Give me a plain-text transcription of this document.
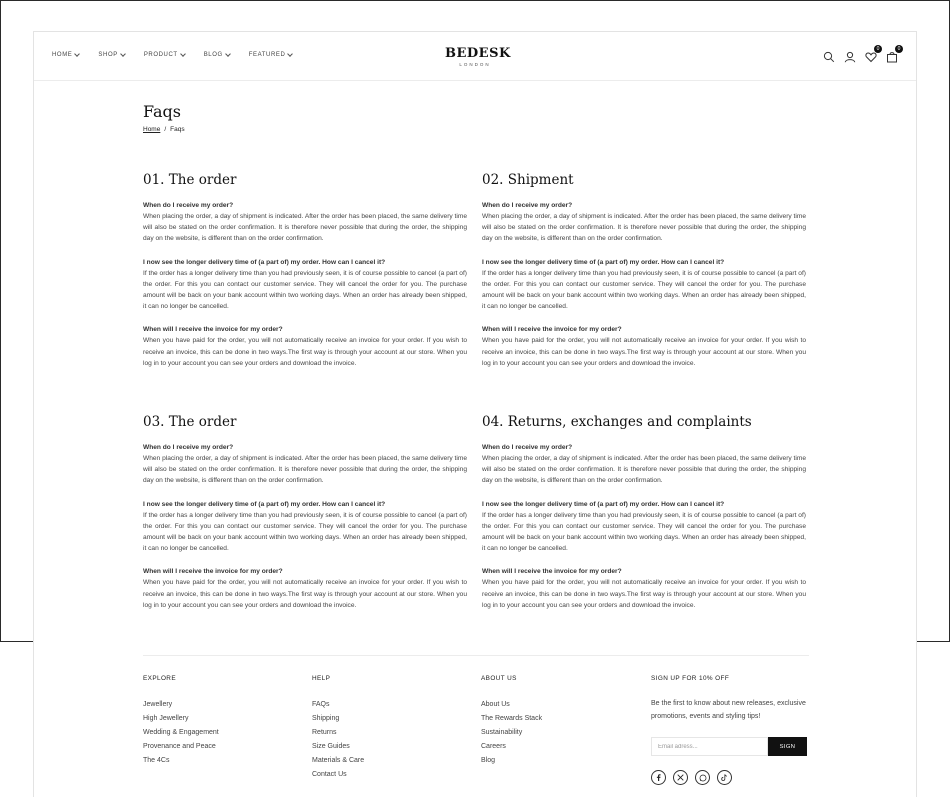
HOME	SHOP	PRODUCT	BLOG	FEATURED	BEDESK
LONDON
0	0
Faqs
Home / Faqs
01. The order
When do I receive my order?
When placing the order, a day of shipment is indicated. After the order has been placed, the same delivery time will also be stated on the order confirmation. It is therefore never possible that during the order, the shipping day on the website, is different than on the order confirmation.
I now see the longer delivery time of (a part of) my order. How can I cancel it?
If the order has a longer delivery time than you had previously seen, it is of course possible to cancel (a part of) the order. For this you can contact our customer service. They will cancel the order for you. The purchase amount will be back on your bank account within two working days. When an order has already been shipped, it can no longer be cancelled.
When will I receive the invoice for my order?
When you have paid for the order, you will not automatically receive an invoice for your order. If you wish to receive an invoice, this can be done in two ways.The first way is through your account at our store. When you log in to your account you can see your orders and download the invoice.
02. Shipment
When do I receive my order?
When placing the order, a day of shipment is indicated. After the order has been placed, the same delivery time will also be stated on the order confirmation. It is therefore never possible that during the order, the shipping day on the website, is different than on the order confirmation.
I now see the longer delivery time of (a part of) my order. How can I cancel it?
If the order has a longer delivery time than you had previously seen, it is of course possible to cancel (a part of) the order. For this you can contact our customer service. They will cancel the order for you. The purchase amount will be back on your bank account within two working days. When an order has already been shipped, it can no longer be cancelled.
When will I receive the invoice for my order?
When you have paid for the order, you will not automatically receive an invoice for your order. If you wish to receive an invoice, this can be done in two ways.The first way is through your account at our store. When you log in to your account you can see your orders and download the invoice.
03. The order
When do I receive my order?
When placing the order, a day of shipment is indicated. After the order has been placed, the same delivery time will also be stated on the order confirmation. It is therefore never possible that during the order, the shipping day on the website, is different than on the order confirmation.
I now see the longer delivery time of (a part of) my order. How can I cancel it?
If the order has a longer delivery time than you had previously seen, it is of course possible to cancel (a part of) the order. For this you can contact our customer service. They will cancel the order for you. The purchase amount will be back on your bank account within two working days. When an order has already been shipped, it can no longer be cancelled.
When will I receive the invoice for my order?
When you have paid for the order, you will not automatically receive an invoice for your order. If you wish to receive an invoice, this can be done in two ways.The first way is through your account at our store. When you log in to your account you can see your orders and download the invoice.
04. Returns, exchanges and complaints
When do I receive my order?
When placing the order, a day of shipment is indicated. After the order has been placed, the same delivery time will also be stated on the order confirmation. It is therefore never possible that during the order, the shipping day on the website, is different than on the order confirmation.
I now see the longer delivery time of (a part of) my order. How can I cancel it?
If the order has a longer delivery time than you had previously seen, it is of course possible to cancel (a part of) the order. For this you can contact our customer service. They will cancel the order for you. The purchase amount will be back on your bank account within two working days. When an order has already been shipped, it can no longer be cancelled.
When will I receive the invoice for my order?
When you have paid for the order, you will not automatically receive an invoice for your order. If you wish to receive an invoice, this can be done in two ways.The first way is through your account at our store. When you log in to your account you can see your orders and download the invoice.
EXPLORE
Jewellery
High Jewellery
Wedding & Engagement
Provenance and Peace
The 4Cs
HELP
FAQs
Shipping
Returns
Size Guides
Materials & Care
Contact Us
ABOUT US
About Us
The Rewards Stack
Sustainability
Careers
Blog
SIGN UP FOR 10% OFF
Be the first to know about new releases, exclusive promotions, events and styling tips!
Email adress...
SIGN
